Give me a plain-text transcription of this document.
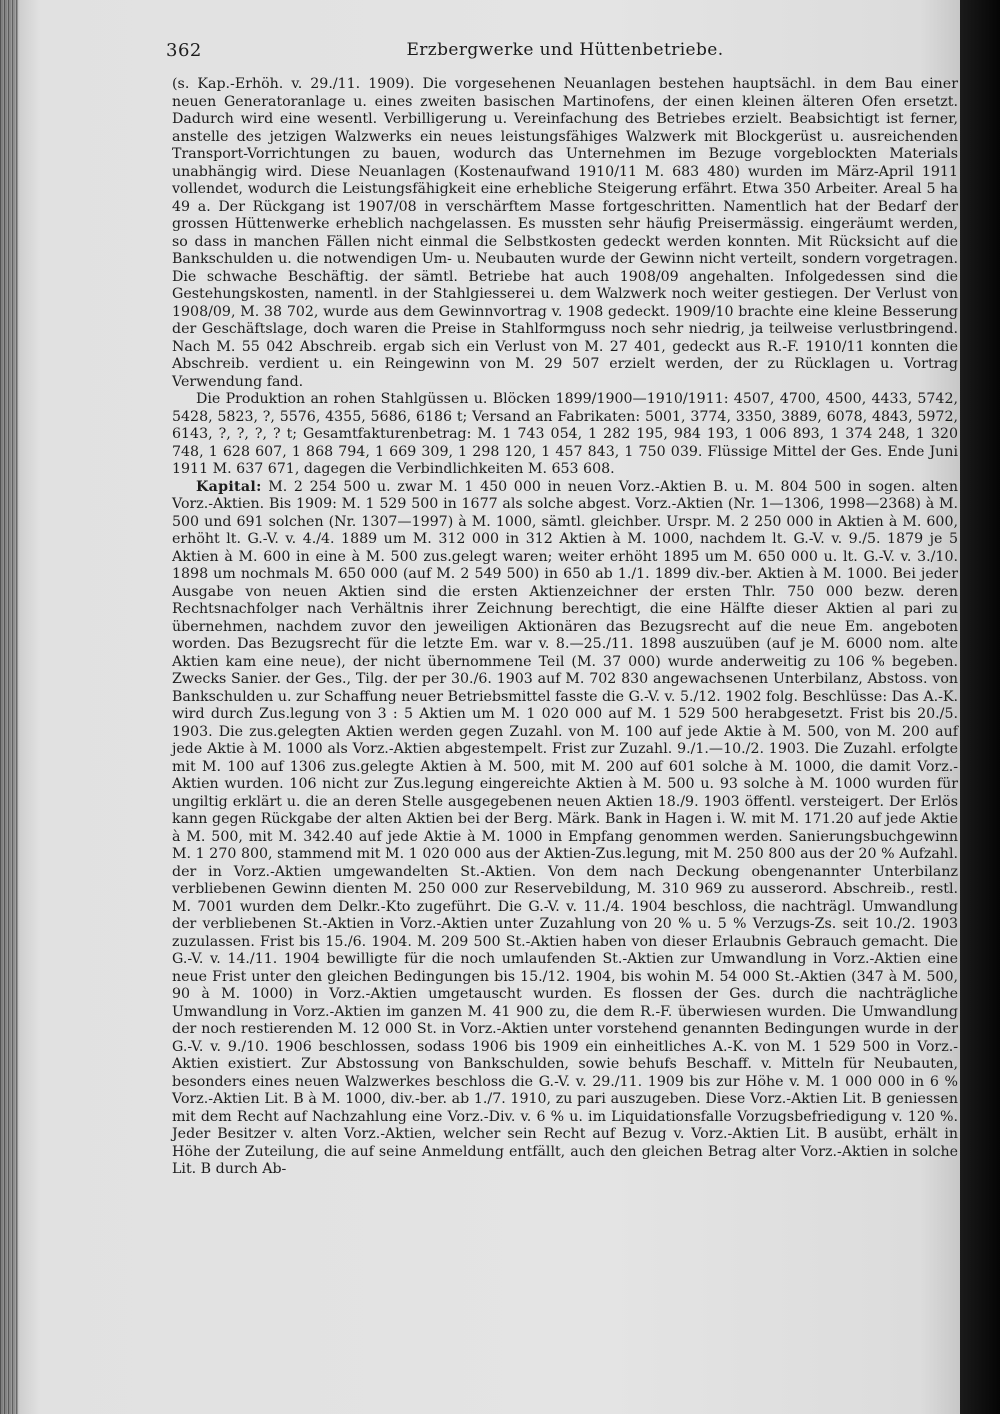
362	Erzbergwerke und Hüttenbetriebe.

(s. Kap.-Erhöh. v. 29./11. 1909). Die vorgesehenen Neuanlagen bestehen hauptsächl. in dem Bau einer neuen Generatoranlage u. eines zweiten basischen Martinofens, der einen kleinen älteren Ofen ersetzt. Dadurch wird eine wesentl. Verbilligerung u. Vereinfachung des Betriebes erzielt. Beabsichtigt ist ferner, anstelle des jetzigen Walzwerks ein neues leistungsfähiges Walzwerk mit Blockgerüst u. ausreichenden Transport-Vorrichtungen zu bauen, wodurch das Unternehmen im Bezuge vorgeblockten Materials unabhängig wird. Diese Neuanlagen (Kostenaufwand 1910/11 M. 683 480) wurden im März-April 1911 vollendet, wodurch die Leistungsfähigkeit eine erhebliche Steigerung erfährt. Etwa 350 Arbeiter. Areal 5 ha 49 a. Der Rückgang ist 1907/08 in verschärftem Masse fortgeschritten. Namentlich hat der Bedarf der grossen Hüttenwerke erheblich nachgelassen. Es mussten sehr häufig Preisermässig. eingeräumt werden, so dass in manchen Fällen nicht einmal die Selbstkosten gedeckt werden konnten. Mit Rücksicht auf die Bankschulden u. die notwendigen Um- u. Neubauten wurde der Gewinn nicht verteilt, sondern vorgetragen. Die schwache Beschäftig. der sämtl. Betriebe hat auch 1908/09 angehalten. Infolgedessen sind die Gestehungskosten, namentl. in der Stahlgiesserei u. dem Walzwerk noch weiter gestiegen. Der Verlust von 1908/09, M. 38 702, wurde aus dem Gewinnvortrag v. 1908 gedeckt. 1909/10 brachte eine kleine Besserung der Geschäftslage, doch waren die Preise in Stahlformguss noch sehr niedrig, ja teilweise verlustbringend. Nach M. 55 042 Abschreib. ergab sich ein Verlust von M. 27 401, gedeckt aus R.-F. 1910/11 konnten die Abschreib. verdient u. ein Reingewinn von M. 29 507 erzielt werden, der zu Rücklagen u. Vortrag Verwendung fand.

Die Produktion an rohen Stahlgüssen u. Blöcken 1899/1900—1910/1911: 4507, 4700, 4500, 4433, 5742, 5428, 5823, ?, 5576, 4355, 5686, 6186 t; Versand an Fabrikaten: 5001, 3774, 3350, 3889, 6078, 4843, 5972, 6143, ?, ?, ?, ? t; Gesamtfakturenbetrag: M. 1 743 054, 1 282 195, 984 193, 1 006 893, 1 374 248, 1 320 748, 1 628 607, 1 868 794, 1 669 309, 1 298 120, 1 457 843, 1 750 039. Flüssige Mittel der Ges. Ende Juni 1911 M. 637 671, dagegen die Verbindlichkeiten M. 653 608.

Kapital: M. 2 254 500 u. zwar M. 1 450 000 in neuen Vorz.-Aktien B. u. M. 804 500 in sogen. alten Vorz.-Aktien. Bis 1909: M. 1 529 500 in 1677 als solche abgest. Vorz.-Aktien (Nr. 1—1306, 1998—2368) à M. 500 und 691 solchen (Nr. 1307—1997) à M. 1000, sämtl. gleichber. Urspr. M. 2 250 000 in Aktien à M. 600, erhöht lt. G.-V. v. 4./4. 1889 um M. 312 000 in 312 Aktien à M. 1000, nachdem lt. G.-V. v. 9./5. 1879 je 5 Aktien à M. 600 in eine à M. 500 zus.gelegt waren; weiter erhöht 1895 um M. 650 000 u. lt. G.-V. v. 3./10. 1898 um nochmals M. 650 000 (auf M. 2 549 500) in 650 ab 1./1. 1899 div.-ber. Aktien à M. 1000. Bei jeder Ausgabe von neuen Aktien sind die ersten Aktienzeichner der ersten Thlr. 750 000 bezw. deren Rechtsnachfolger nach Verhältnis ihrer Zeichnung berechtigt, die eine Hälfte dieser Aktien al pari zu übernehmen, nachdem zuvor den jeweiligen Aktionären das Bezugsrecht auf die neue Em. angeboten worden. Das Bezugsrecht für die letzte Em. war v. 8.—25./11. 1898 auszuüben (auf je M. 6000 nom. alte Aktien kam eine neue), der nicht übernommene Teil (M. 37 000) wurde anderweitig zu 106 % begeben. Zwecks Sanier. der Ges., Tilg. der per 30./6. 1903 auf M. 702 830 angewachsenen Unterbilanz, Abstoss. von Bankschulden u. zur Schaffung neuer Betriebsmittel fasste die G.-V. v. 5./12. 1902 folg. Beschlüsse: Das A.-K. wird durch Zus.legung von 3 : 5 Aktien um M. 1 020 000 auf M. 1 529 500 herabgesetzt. Frist bis 20./5. 1903. Die zus.gelegten Aktien werden gegen Zuzahl. von M. 100 auf jede Aktie à M. 500, von M. 200 auf jede Aktie à M. 1000 als Vorz.-Aktien abgestempelt. Frist zur Zuzahl. 9./1.—10./2. 1903. Die Zuzahl. erfolgte mit M. 100 auf 1306 zus.gelegte Aktien à M. 500, mit M. 200 auf 601 solche à M. 1000, die damit Vorz.-Aktien wurden. 106 nicht zur Zus.legung eingereichte Aktien à M. 500 u. 93 solche à M. 1000 wurden für ungiltig erklärt u. die an deren Stelle ausgegebenen neuen Aktien 18./9. 1903 öffentl. versteigert. Der Erlös kann gegen Rückgabe der alten Aktien bei der Berg. Märk. Bank in Hagen i. W. mit M. 171.20 auf jede Aktie à M. 500, mit M. 342.40 auf jede Aktie à M. 1000 in Empfang genommen werden. Sanierungsbuchgewinn M. 1 270 800, stammend mit M. 1 020 000 aus der Aktien-Zus.legung, mit M. 250 800 aus der 20 % Aufzahl. der in Vorz.-Aktien umgewandelten St.-Aktien. Von dem nach Deckung obengenannter Unterbilanz verbliebenen Gewinn dienten M. 250 000 zur Reservebildung, M. 310 969 zu ausserord. Abschreib., restl. M. 7001 wurden dem Delkr.-Kto zugeführt. Die G.-V. v. 11./4. 1904 beschloss, die nachträgl. Umwandlung der verbliebenen St.-Aktien in Vorz.-Aktien unter Zuzahlung von 20 % u. 5 % Verzugs-Zs. seit 10./2. 1903 zuzulassen. Frist bis 15./6. 1904. M. 209 500 St.-Aktien haben von dieser Erlaubnis Gebrauch gemacht. Die G.-V. v. 14./11. 1904 bewilligte für die noch umlaufenden St.-Aktien zur Umwandlung in Vorz.-Aktien eine neue Frist unter den gleichen Bedingungen bis 15./12. 1904, bis wohin M. 54 000 St.-Aktien (347 à M. 500, 90 à M. 1000) in Vorz.-Aktien umgetauscht wurden. Es flossen der Ges. durch die nachträgliche Umwandlung in Vorz.-Aktien im ganzen M. 41 900 zu, die dem R.-F. überwiesen wurden. Die Umwandlung der noch restierenden M. 12 000 St. in Vorz.-Aktien unter vorstehend genannten Bedingungen wurde in der G.-V. v. 9./10. 1906 beschlossen, sodass 1906 bis 1909 ein einheitliches A.-K. von M. 1 529 500 in Vorz.-Aktien existiert. Zur Abstossung von Bankschulden, sowie behufs Beschaff. v. Mitteln für Neubauten, besonders eines neuen Walzwerkes beschloss die G.-V. v. 29./11. 1909 bis zur Höhe v. M. 1 000 000 in 6 % Vorz.-Aktien Lit. B à M. 1000, div.-ber. ab 1./7. 1910, zu pari auszugeben. Diese Vorz.-Aktien Lit. B geniessen mit dem Recht auf Nachzahlung eine Vorz.-Div. v. 6 % u. im Liquidationsfalle Vorzugsbefriedigung v. 120 %. Jeder Besitzer v. alten Vorz.-Aktien, welcher sein Recht auf Bezug v. Vorz.-Aktien Lit. B ausübt, erhält in Höhe der Zuteilung, die auf seine Anmeldung entfällt, auch den gleichen Betrag alter Vorz.-Aktien in solche Lit. B durch Ab-
